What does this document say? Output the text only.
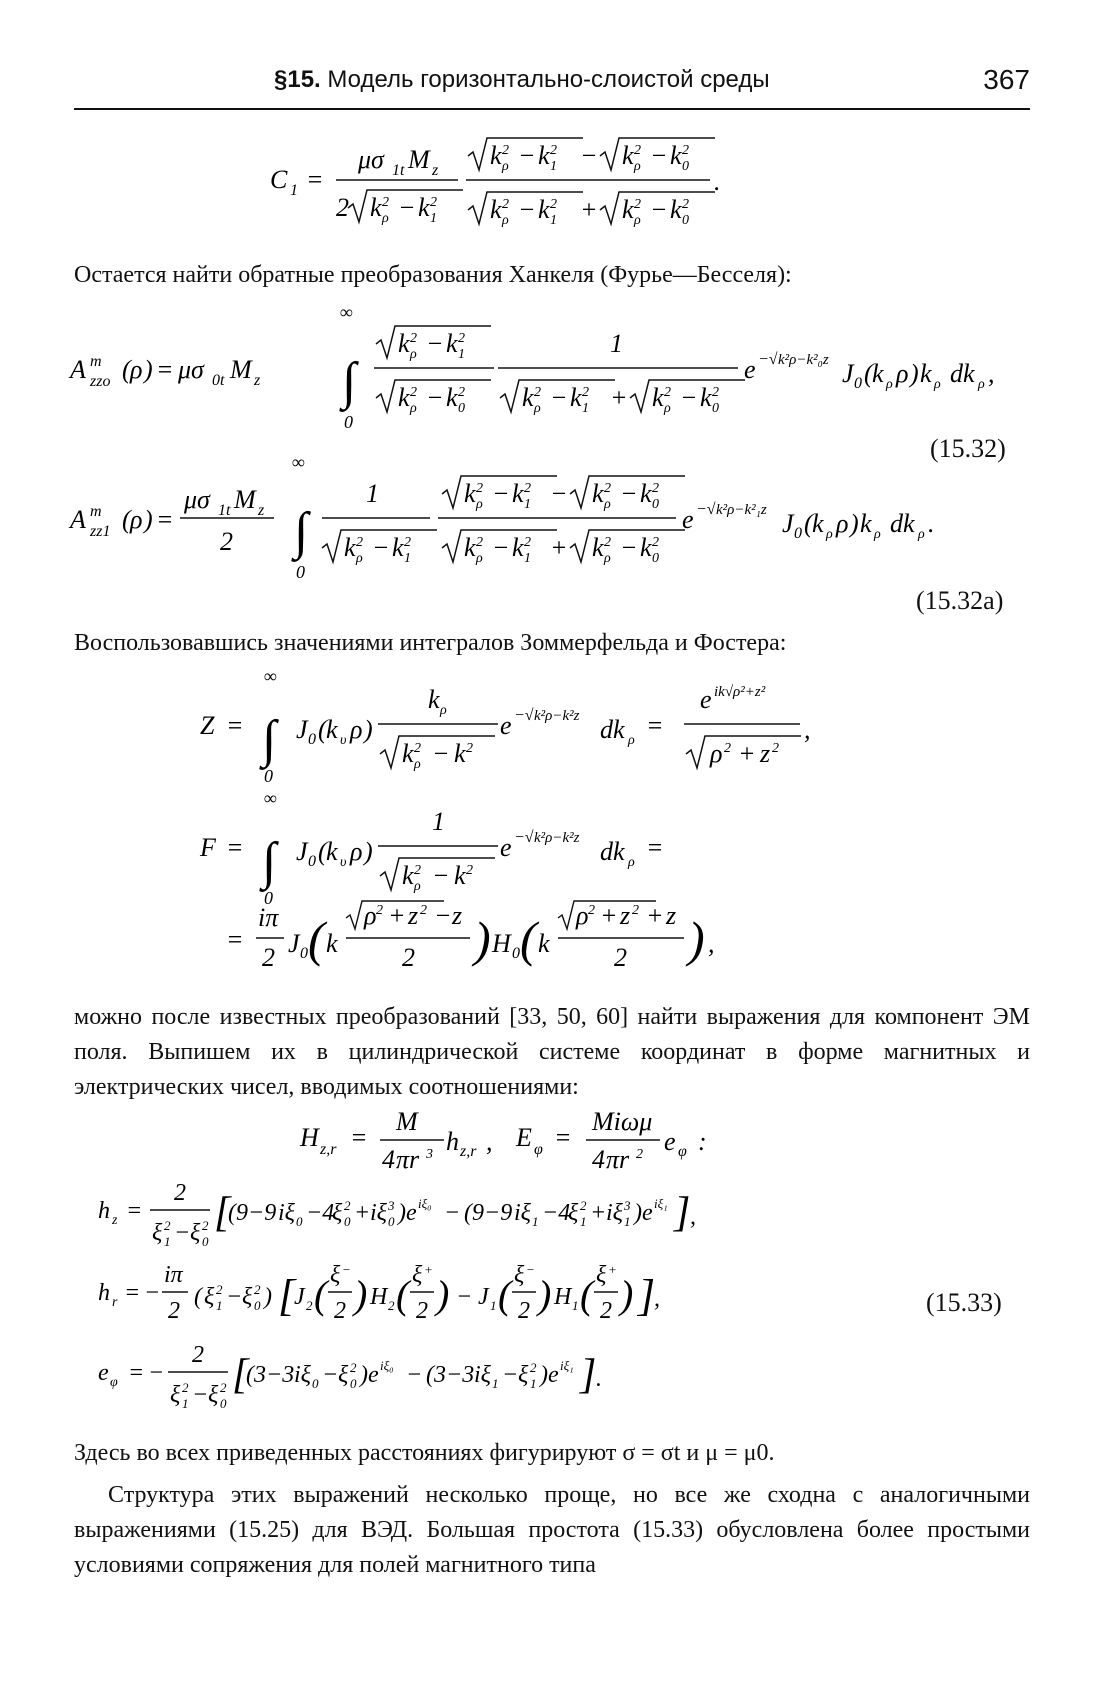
§15. Модель горизонтально-слоистой среды	367
C 1 =
μσ 1t M z
2 k ρ
2 − k 1
2
k ρ
2 − k 1
2 − k ρ
2 − k 0
2
k ρ
2 − k 1
2 + k ρ
2 − k 0
2
.
Остается найти обратные преобразования Ханкеля (Фурье—Бесселя):
A m
zzo ( ρ ) = μσ 0t M z
∞
∫
0
k ρ
2 − k 1
2
k ρ
2 − k 0
2
1
k ρ
2 − k 1
2 + k ρ
2 − k 0
2
e −√ k²ρ−k²₀z J 0 ( k ρ ρ ) k ρ dk ρ ,
(15.32)
A m
zz1 ( ρ ) =
μσ 1t M z
2
∞
∫
0
1
k ρ
2 − k 1
2
k ρ
2 − k 1
2 − k ρ
2 − k 0
2
k ρ
2 − k 1
2 + k ρ
2 − k 0
2
e −√ k²ρ−k²₁z J 0 ( k ρ ρ ) k ρ dk ρ .
(15.32a)
Воспользовавшись значениями интегралов Зоммерфельда и Фостера:
Z =
∞
∫
0
J 0 ( k υ ρ )
k ρ
k ρ
2 − k 2
e −√ k²ρ−k²z dk ρ
=
e ik√ρ²+z²
ρ 2 + z 2
,
F =
∞
∫
0
J 0 ( k υ ρ )
1
k ρ
2 − k 2
e −√ k²ρ−k²z dk ρ
=
=
iπ
2 J 0 ( k
ρ 2 + z 2 − z
2 ) H 0 ( k
ρ 2 + z 2 + z
2 ) ,
можно после известных преобразований [33, 50, 60] найти выражения для компонент ЭМ поля. Выпишем их в цилиндрической системе координат в форме магнитных и электрических чисел, вводимых соотношениями:
H z,r =
M
4 πr 3 h z,r , E φ =
Miωμ
4 πr 2 e φ :
h z =
2
ξ 1
2 − ξ 0
2 [
(9−9 iξ 0 −4
ξ 0
2 + iξ 0
3 ) e iξ₀ − (9−9 iξ 1 −4
ξ 1
2 + iξ 1
3 ) e iξ₁ ] ,
h r = −
iπ
2
( ξ 1
2 − ξ 0
2 ) [
J 2 ( ξ −
2 ) H 2 ( ξ +
2 ) − J 1 ( ξ −
2 ) H 1 ( ξ +
2 ) ]
,	(15.33)
e φ = −
2
ξ 1
2 − ξ 0
2 [
(3−3 iξ 0 − ξ 0
2 ) e iξ₀ − (3−3 iξ 1 − ξ 1
2 ) e iξ₁ ] .
Здесь во всех приведенных расстояниях фигурируют σ = σt и μ = μ0.
Структура этих выражений несколько проще, но все же сходна с аналогичными выражениями (15.25) для ВЭД. Большая простота (15.33) обусловлена более простыми условиями сопряжения для полей магнитного типа
